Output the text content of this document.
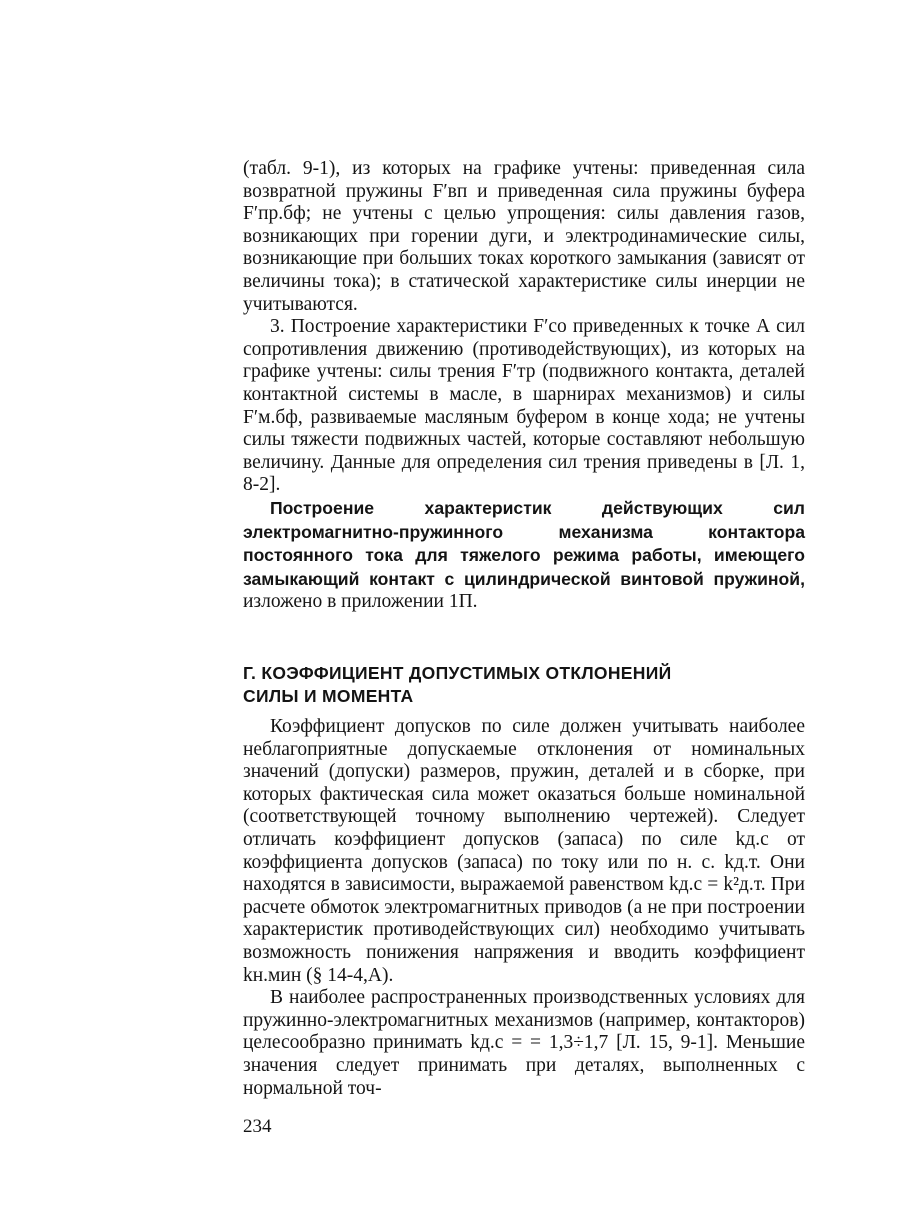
(табл. 9-1), из которых на графике учтены: приведенная сила возвратной пружины F′вп и приведенная сила пружины буфера F′пр.бф; не учтены с целью упрощения: силы давления газов, возникающих при горении дуги, и электродинамические силы, возникающие при больших токах короткого замыкания (зависят от величины тока); в статической характеристике силы инерции не учитываются.

3. Построение характеристики F′со приведенных к точке А сил сопротивления движению (противодействующих), из которых на графике учтены: силы трения F′тр (подвижного контакта, деталей контактной системы в масле, в шарнирах механизмов) и силы F′м.бф, развиваемые масляным буфером в конце хода; не учтены силы тяжести подвижных частей, которые составляют небольшую величину. Данные для определения сил трения приведены в [Л. 1, 8-2].

Построение характеристик действующих сил электромагнитно-пружинного механизма контактора постоянного тока для тяжелого режима работы, имеющего замыкающий контакт с цилиндрической винтовой пружиной, изложено в приложении 1П.

Г. КОЭФФИЦИЕНТ ДОПУСТИМЫХ ОТКЛОНЕНИЙ

СИЛЫ И МОМЕНТА

Коэффициент допусков по силе должен учитывать наиболее неблагоприятные допускаемые отклонения от номинальных значений (допуски) размеров, пружин, деталей и в сборке, при которых фактическая сила может оказаться больше номинальной (соответствующей точному выполнению чертежей). Следует отличать коэффициент допусков (запаса) по силе kд.с от коэффициента допусков (запаса) по току или по н. с. kд.т. Они находятся в зависимости, выражаемой равенством kд.с = k²д.т. При расчете обмоток электромагнитных приводов (а не при построении характеристик противодействующих сил) необходимо учитывать возможность понижения напряжения и вводить коэффициент kн.мин (§ 14-4,А).

В наиболее распространенных производственных условиях для пружинно-электромагнитных механизмов (например, контакторов) целесообразно принимать kд.с = = 1,3÷1,7 [Л. 15, 9-1]. Меньшие значения следует принимать при деталях, выполненных с нормальной точ-

234
